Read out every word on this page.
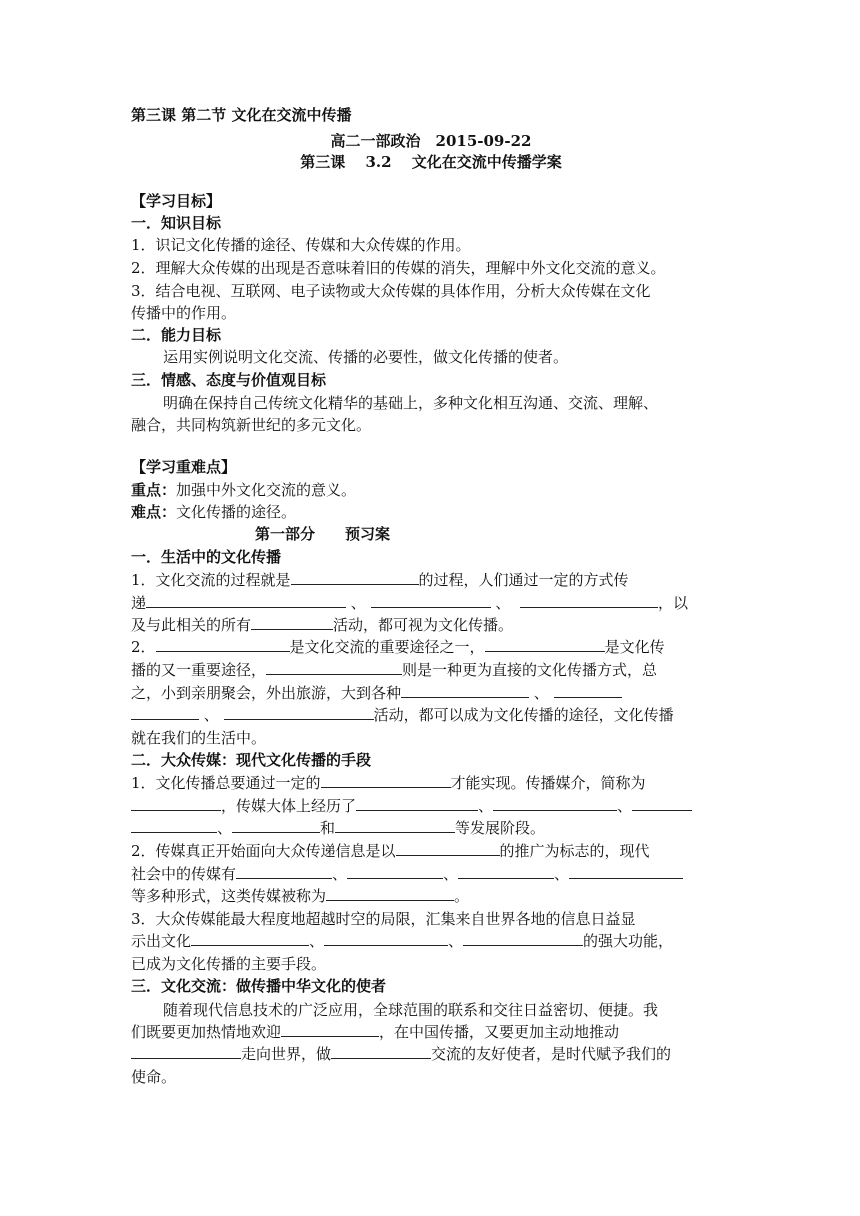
第三课 第二节 文化在交流中传播
高二一部政治　2015-09-22
第三课　 3.2　 文化在交流中传播学案
【学习目标】
一．知识目标
1．识记文化传播的途径、传媒和大众传媒的作用。
2．理解大众传媒的出现是否意味着旧的传媒的消失，理解中外文化交流的意义。
3．结合电视、互联网、电子读物或大众传媒的具体作用，分析大众传媒在文化
传播中的作用。
二．能力目标
运用实例说明文化交流、传播的必要性，做文化传播的使者。
三．情感、态度与价值观目标
明确在保持自己传统文化精华的基础上，多种文化相互沟通、交流、理解、
融合，共同构筑新世纪的多元文化。
【学习重难点】
重点：加强中外文化交流的意义。
难点：文化传播的途径。
第一部分　　预习案
一．生活中的文化传播
1．文化交流的过程就是	的过程，人们通过一定的方式传
递	、	、	，以
及与此相关的所有	活动，都可视为文化传播。
2．	是文化交流的重要途径之一，	是文化传
播的又一重要途径，	则是一种更为直接的文化传播方式，总
之，小到亲朋聚会，外出旅游，大到各种	、
、	活动，都可以成为文化传播的途径，文化传播
就在我们的生活中。
二．大众传媒：现代文化传播的手段
1．文化传播总要通过一定的	才能实现。传播媒介，简称为
，传媒大体上经历了	、	、
、	和	等发展阶段。
2．传媒真正开始面向大众传递信息是以	的推广为标志的，现代
社会中的传媒有	、	、	、
等多种形式，这类传媒被称为	。
3．大众传媒能最大程度地超越时空的局限，汇集来自世界各地的信息日益显
示出文化	、	、	的强大功能，
已成为文化传播的主要手段。
三．文化交流：做传播中华文化的使者
随着现代信息技术的广泛应用，全球范围的联系和交往日益密切、便捷。我
们既要更加热情地欢迎	，在中国传播，又要更加主动地推动
走向世界，做	交流的友好使者，是时代赋予我们的
使命。
